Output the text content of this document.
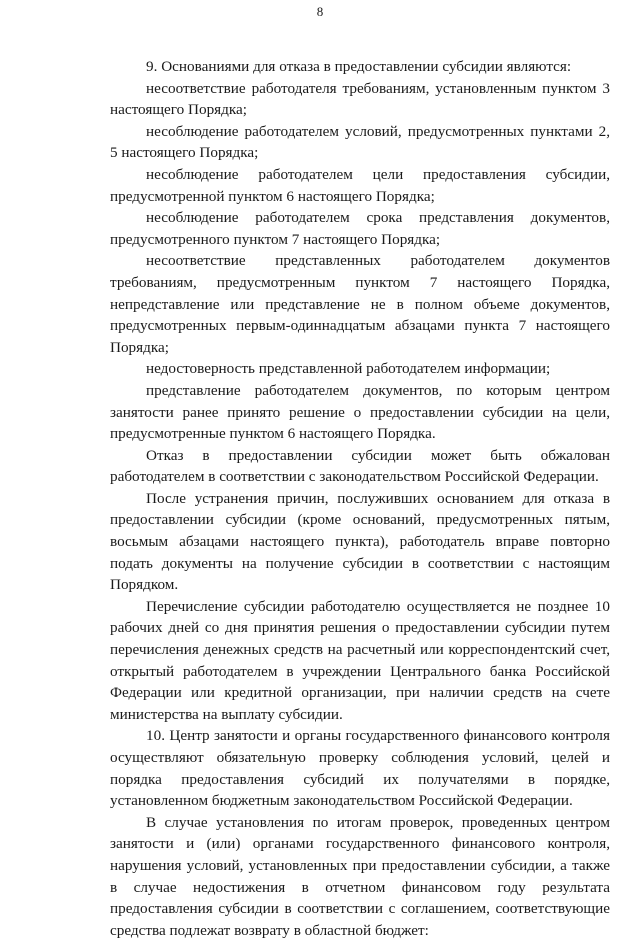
8

9. Основаниями для отказа в предоставлении субсидии являются:

несоответствие работодателя требованиям, установленным пунктом 3 настоящего Порядка;

несоблюдение работодателем условий, предусмотренных пунктами 2, 5 настоящего Порядка;

несоблюдение работодателем цели предоставления субсидии, предусмотренной пунктом 6 настоящего Порядка;

несоблюдение работодателем срока представления документов, предусмотренного пунктом 7 настоящего Порядка;

несоответствие представленных работодателем документов требованиям, предусмотренным пунктом 7 настоящего Порядка, непредставление или представление не в полном объеме документов, предусмотренных первым-одиннадцатым абзацами пункта 7 настоящего Порядка;

недостоверность представленной работодателем информации;

представление работодателем документов, по которым центром занятости ранее принято решение о предоставлении субсидии на цели, предусмотренные пунктом 6 настоящего Порядка.

Отказ в предоставлении субсидии может быть обжалован работодателем в соответствии с законодательством Российской Федерации.

После устранения причин, послуживших основанием для отказа в предоставлении субсидии (кроме оснований, предусмотренных пятым, восьмым абзацами настоящего пункта), работодатель вправе повторно подать документы на получение субсидии в соответствии с настоящим Порядком.

Перечисление субсидии работодателю осуществляется не позднее 10 рабочих дней со дня принятия решения о предоставлении субсидии путем перечисления денежных средств на расчетный или корреспондентский счет, открытый работодателем в учреждении Центрального банка Российской Федерации или кредитной организации, при наличии средств на счете министерства на выплату субсидии.

10. Центр занятости и органы государственного финансового контроля осуществляют обязательную проверку соблюдения условий, целей и порядка предоставления субсидий их получателями в порядке, установленном бюджетным законодательством Российской Федерации.

В случае установления по итогам проверок, проведенных центром занятости и (или) органами государственного финансового контроля, нарушения условий, установленных при предоставлении субсидии, а также в случае недостижения в отчетном финансовом году результата предоставления субсидии в соответствии с соглашением, соответствующие средства подлежат возврату в областной бюджет:
